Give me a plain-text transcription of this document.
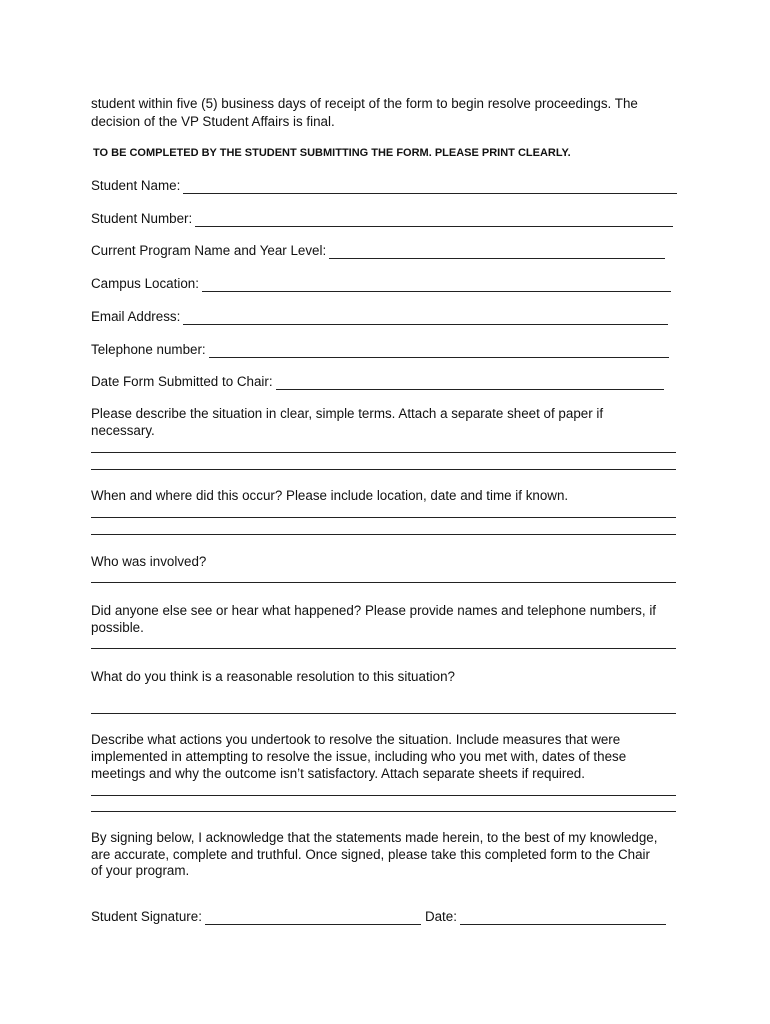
student within five (5) business days of receipt of the form to begin resolve proceedings. The
decision of the VP Student Affairs is final.
TO BE COMPLETED BY THE STUDENT SUBMITTING THE FORM. PLEASE PRINT CLEARLY.
Student Name:
Student Number:
Current Program Name and Year Level:
Campus Location:
Email Address:
Telephone number:
Date Form Submitted to Chair:
Please describe the situation in clear, simple terms. Attach a separate sheet of paper if
necessary.
When and where did this occur? Please include location, date and time if known.
Who was involved?
Did anyone else see or hear what happened? Please provide names and telephone numbers, if
possible.
What do you think is a reasonable resolution to this situation?
Describe what actions you undertook to resolve the situation. Include measures that were
implemented in attempting to resolve the issue, including who you met with, dates of these
meetings and why the outcome isn’t satisfactory. Attach separate sheets if required.
By signing below, I acknowledge that the statements made herein, to the best of my knowledge,
are accurate, complete and truthful. Once signed, please take this completed form to the Chair
of your program.
Student Signature:	Date:
